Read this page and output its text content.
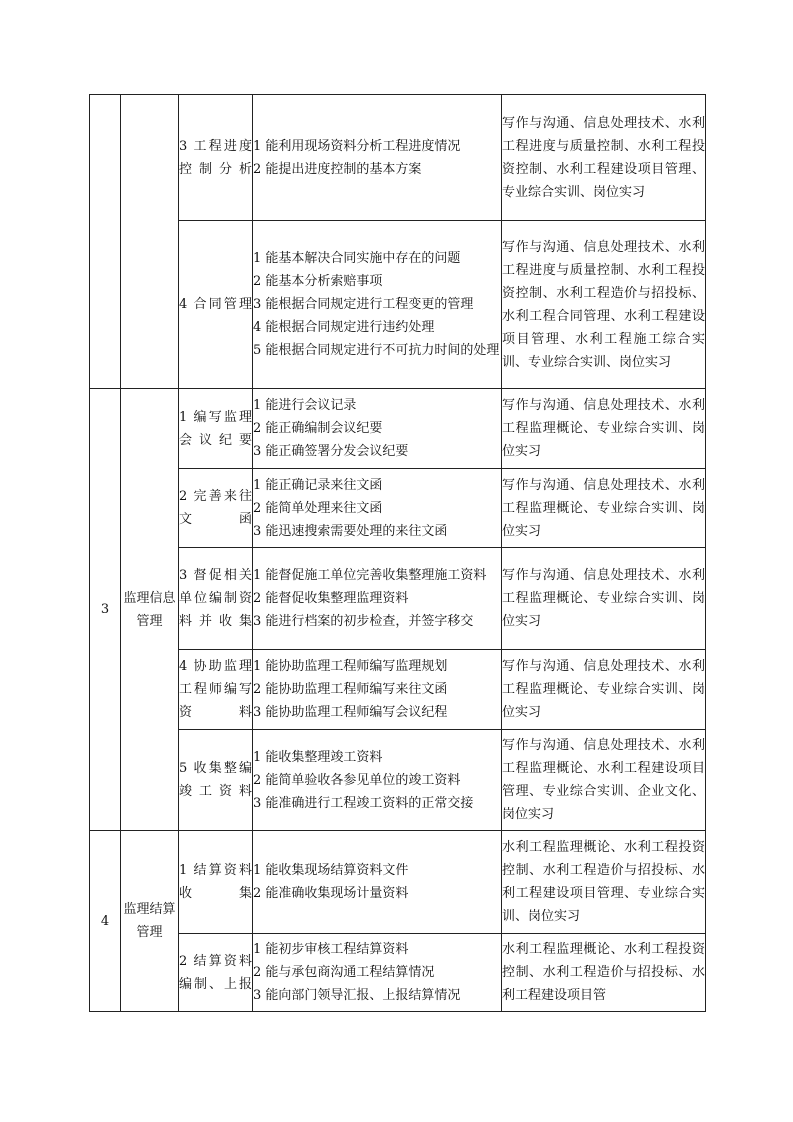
		3 工程进度控制分析	1 能利用现场资料分析工程进度情况
2 能提出进度控制的基本方案	写作与沟通、信息处理技术、水利工程进度与质量控制、水利工程投资控制、水利工程建设项目管理、专业综合实训、岗位实习

		4 合同管理	1 能基本解决合同实施中存在的问题
2 能基本分析索赔事项
3 能根据合同规定进行工程变更的管理
4 能根据合同规定进行违约处理
5 能根据合同规定进行不可抗力时间的处理	写作与沟通、信息处理技术、水利工程进度与质量控制、水利工程投资控制、水利工程造价与招投标、水利工程合同管理、水利工程建设项目管理、水利工程施工综合实训、专业综合实训、岗位实习

3	监理信息管理	1 编写监理会议纪要	1 能进行会议记录
2 能正确编制会议纪要
3 能正确签署分发会议纪要	写作与沟通、信息处理技术、水利工程监理概论、专业综合实训、岗位实习

		2 完善来往文函	1 能正确记录来往文函
2 能简单处理来往文函
3 能迅速搜索需要处理的来往文函	写作与沟通、信息处理技术、水利工程监理概论、专业综合实训、岗位实习

		3 督促相关单位编制资料并收集	1 能督促施工单位完善收集整理施工资料
2 能督促收集整理监理资料
3 能进行档案的初步检查，并签字移交	写作与沟通、信息处理技术、水利工程监理概论、专业综合实训、岗位实习

		4 协助监理工程师编写资料	1 能协助监理工程师编写监理规划
2 能协助监理工程师编写来往文函
3 能协助监理工程师编写会议纪程	写作与沟通、信息处理技术、水利工程监理概论、专业综合实训、岗位实习

		5 收集整编竣工资料	1 能收集整理竣工资料
2 能简单验收各参见单位的竣工资料
3 能准确进行工程竣工资料的正常交接	写作与沟通、信息处理技术、水利工程监理概论、水利工程建设项目管理、专业综合实训、企业文化、岗位实习

4	监理结算管理	1 结算资料收集	1 能收集现场结算资料文件
2 能准确收集现场计量资料	水利工程监理概论、水利工程投资控制、水利工程造价与招投标、水利工程建设项目管理、专业综合实训、岗位实习

		2 结算资料编制、上报	1 能初步审核工程结算资料
2 能与承包商沟通工程结算情况
3 能向部门领导汇报、上报结算情况	水利工程监理概论、水利工程投资控制、水利工程造价与招投标、水利工程建设项目管
